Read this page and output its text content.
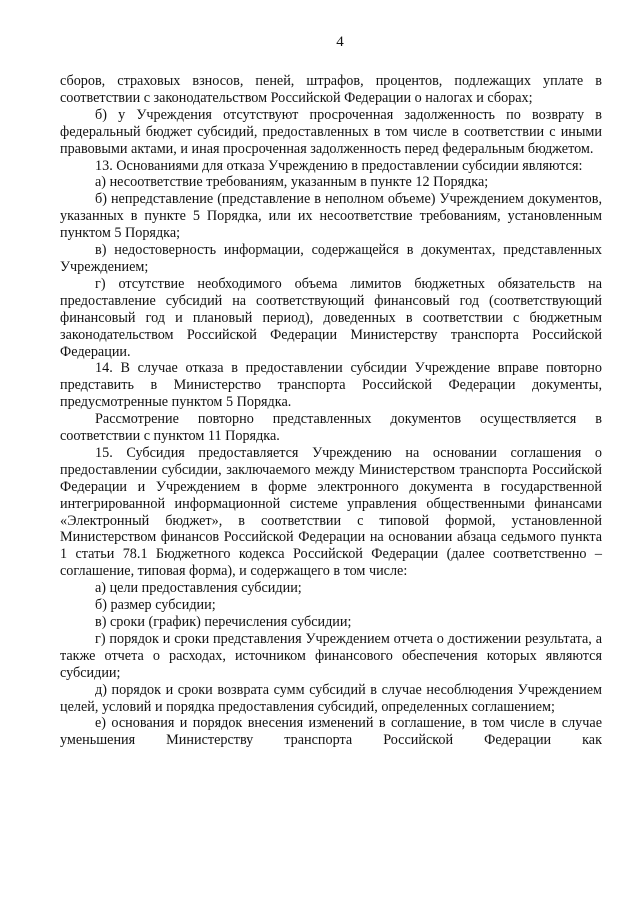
4

сборов, страховых взносов, пеней, штрафов, процентов, подлежащих уплате в соответствии с законодательством Российской Федерации о налогах и сборах;

б) у Учреждения отсутствуют просроченная задолженность по возврату в федеральный бюджет субсидий, предоставленных в том числе в соответствии с иными правовыми актами, и иная просроченная задолженность перед федеральным бюджетом.

13. Основаниями для отказа Учреждению в предоставлении субсидии являются:

а) несоответствие требованиям, указанным в пункте 12 Порядка;

б) непредставление (представление в неполном объеме) Учреждением документов, указанных в пункте 5 Порядка, или их несоответствие требованиям, установленным пунктом 5 Порядка;

в) недостоверность информации, содержащейся в документах, представленных Учреждением;

г) отсутствие необходимого объема лимитов бюджетных обязательств на предоставление субсидий на соответствующий финансовый год (соответствующий финансовый год и плановый период), доведенных в соответствии с бюджетным законодательством Российской Федерации Министерству транспорта Российской Федерации.

14. В случае отказа в предоставлении субсидии Учреждение вправе повторно представить в Министерство транспорта Российской Федерации документы, предусмотренные пунктом 5 Порядка.

Рассмотрение повторно представленных документов осуществляется в соответствии с пунктом 11 Порядка.

15. Субсидия предоставляется Учреждению на основании соглашения о предоставлении субсидии, заключаемого между Министерством транспорта Российской Федерации и Учреждением в форме электронного документа в государственной интегрированной информационной системе управления общественными финансами «Электронный бюджет», в соответствии с типовой формой, установленной Министерством финансов Российской Федерации на основании абзаца седьмого пункта 1 статьи 78.1 Бюджетного кодекса Российской Федерации (далее соответственно – соглашение, типовая форма), и содержащего в том числе:

а) цели предоставления субсидии;

б) размер субсидии;

в) сроки (график) перечисления субсидии;

г) порядок и сроки представления Учреждением отчета о достижении результата, а также отчета о расходах, источником финансового обеспечения которых являются субсидии;

д) порядок и сроки возврата сумм субсидий в случае несоблюдения Учреждением целей, условий и порядка предоставления субсидий, определенных соглашением;

е) основания и порядок внесения изменений в соглашение, в том числе в случае уменьшения Министерству транспорта Российской Федерации как
